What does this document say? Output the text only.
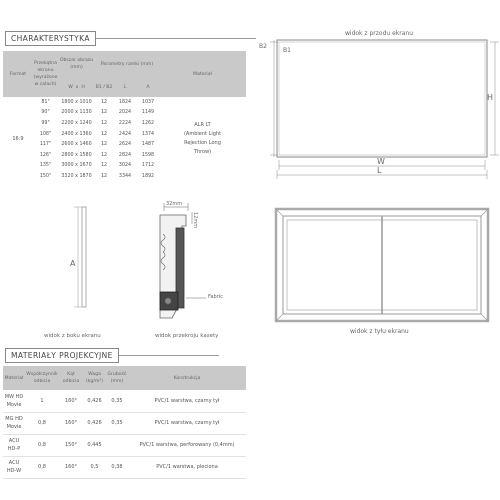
CHARAKTERYSTYKA
Format	Przekątna ekranu (wyrażone w calach)	Obszar obrazu (mm)	Parametry ramki (mm)			Materiał
		W x H	B1 / B2	L	A	
16:9	81"	1800 x 1010	12	1824	1037	ALR LT
(Ambient Light
Rejection Long
Throw)

	90"	2000 x 1130	12	2024	1149	
	99"	2200 x 1240	12	2224	1262	
	108"	2400 x 1360	12	2424	1374	
	117"	2600 x 1460	12	2624	1487	
	126"	2800 x 1580	12	2824	1598	
	135"	3000 x 1670	12	3024	1712	
	150"	3320 x 1870	12	3344	1892	
MATERIAŁY PROJEKCYJNE
Materiał	Współczynnik odbicia	Kąt odbicia	Waga (kg/m²)	Grubość (mm)	Konstrukcja

MW HD
Movie	1	160°	0,426	0,35	PVC/1 warstwa, czarny tył

MG HD
Movie	0,8	160°	0,426	0,35	PVC/1 warstwa, czarny tył

ACU
HD-P	0,8	150°	0,445		PVC/1 warstwa, perforowany (0,4mm)

ACU
HD-W	0,8	160°	0,5	0,38	PVC/1 warstwa, pleciona
widok z przodu ekranu
B2
B1
H
W
L
A
widok z boku ekranu
32mm
12mm
Fabric
widok przekroju kasety
widok z tyłu ekranu
